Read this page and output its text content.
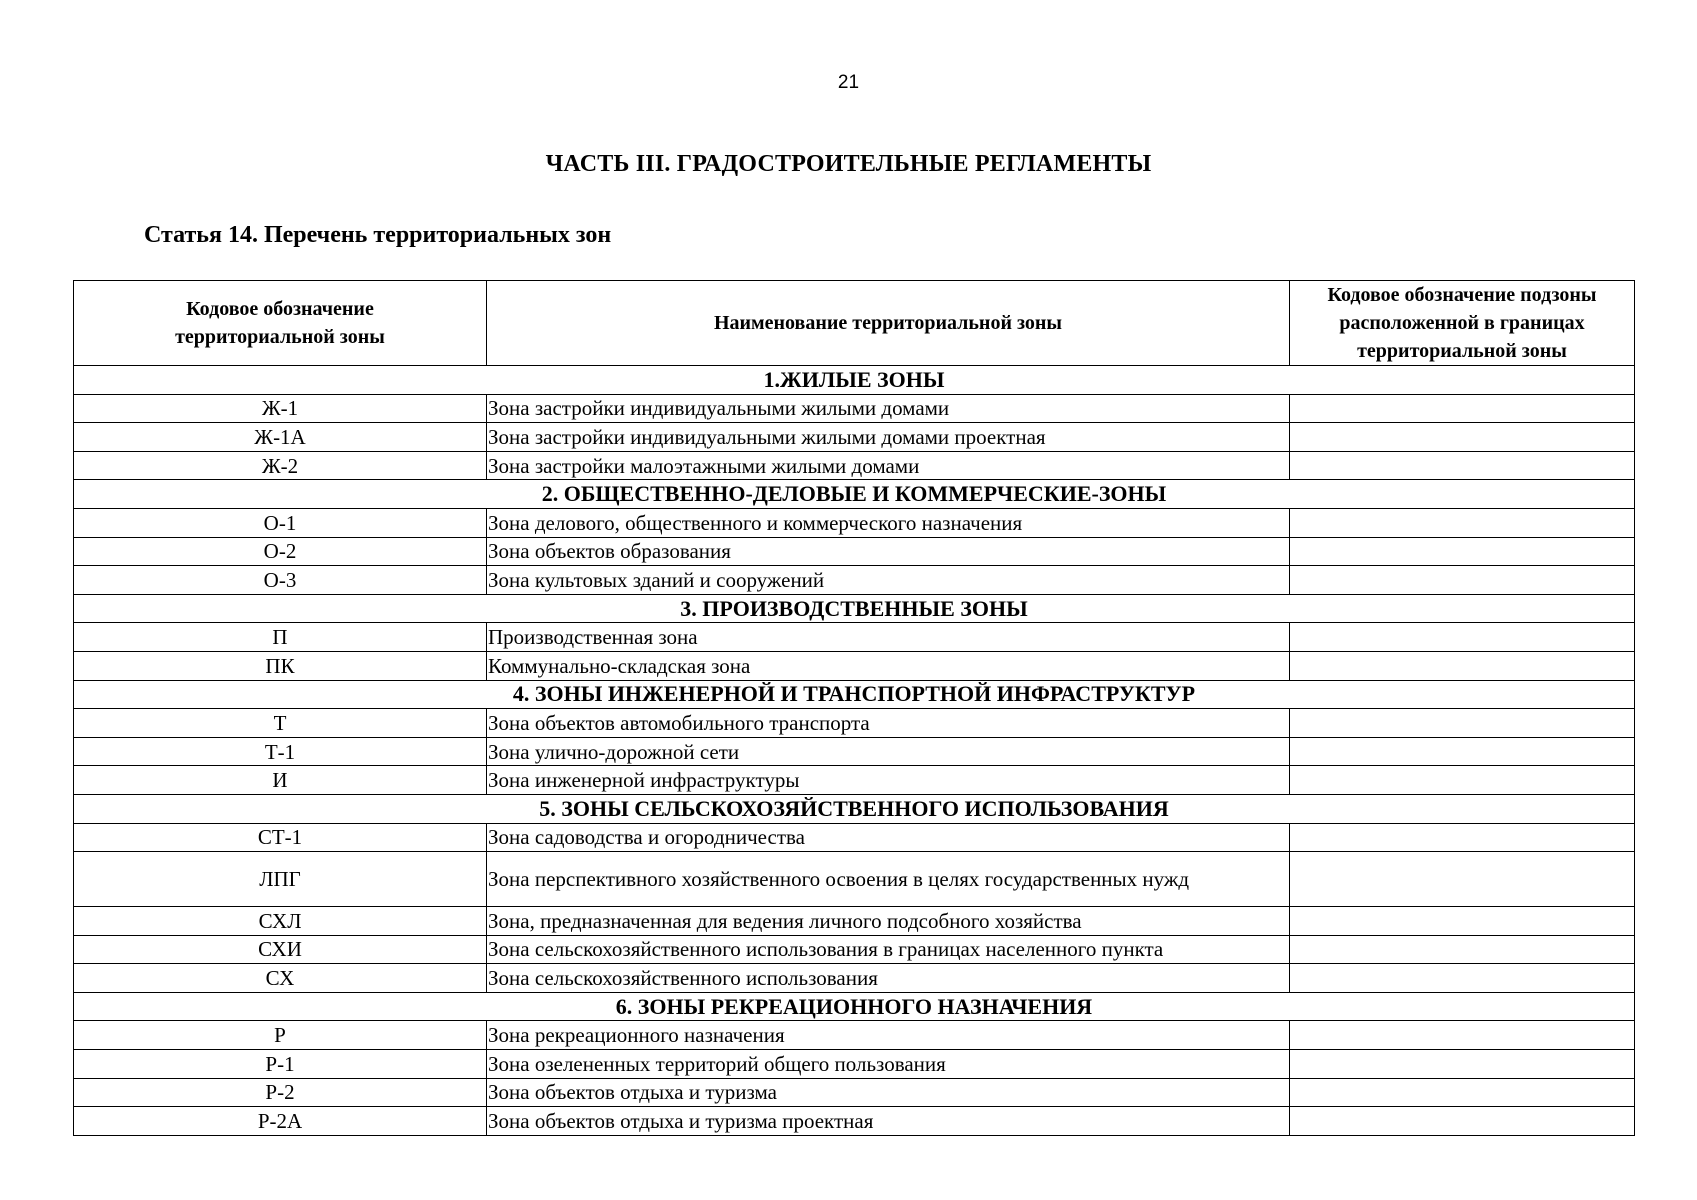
21
ЧАСТЬ III. ГРАДОСТРОИТЕЛЬНЫЕ РЕГЛАМЕНТЫ
Статья 14. Перечень территориальных зон
Кодовое обозначение территориальной зоны	Наименование территориальной зоны	Кодовое обозначение подзоны расположенной в границах территориальной зоны
1.ЖИЛЫЕ ЗОНЫ		
Ж-1	Зона застройки индивидуальными жилыми домами	
Ж-1А	Зона застройки индивидуальными жилыми домами проектная	
Ж-2	Зона застройки малоэтажными жилыми домами	
2. ОБЩЕСТВЕННО-ДЕЛОВЫЕ И КОММЕРЧЕСКИЕ-ЗОНЫ		
О-1	Зона делового, общественного и коммерческого назначения	
О-2	Зона объектов образования	
О-3	Зона культовых зданий и сооружений	
3. ПРОИЗВОДСТВЕННЫЕ ЗОНЫ		
П	Производственная зона	
ПК	Коммунально-складская зона	
4. ЗОНЫ ИНЖЕНЕРНОЙ И ТРАНСПОРТНОЙ ИНФРАСТРУКТУР		
Т	Зона объектов автомобильного транспорта	
Т-1	Зона улично-дорожной сети	
И	Зона инженерной инфраструктуры	
5. ЗОНЫ СЕЛЬСКОХОЗЯЙСТВЕННОГО ИСПОЛЬЗОВАНИЯ		
СТ-1	Зона садоводства и огородничества	
ЛПГ	Зона перспективного хозяйственного освоения в целях государственных нужд	
СХЛ	Зона, предназначенная для ведения личного подсобного хозяйства	
СХИ	Зона сельскохозяйственного использования в границах населенного пункта	
СХ	Зона сельскохозяйственного использования	
6. ЗОНЫ РЕКРЕАЦИОННОГО НАЗНАЧЕНИЯ		
Р	Зона рекреационного назначения	
Р-1	Зона озелененных территорий общего пользования	
Р-2	Зона объектов отдыха и туризма	
Р-2А	Зона объектов отдыха и туризма проектная	
